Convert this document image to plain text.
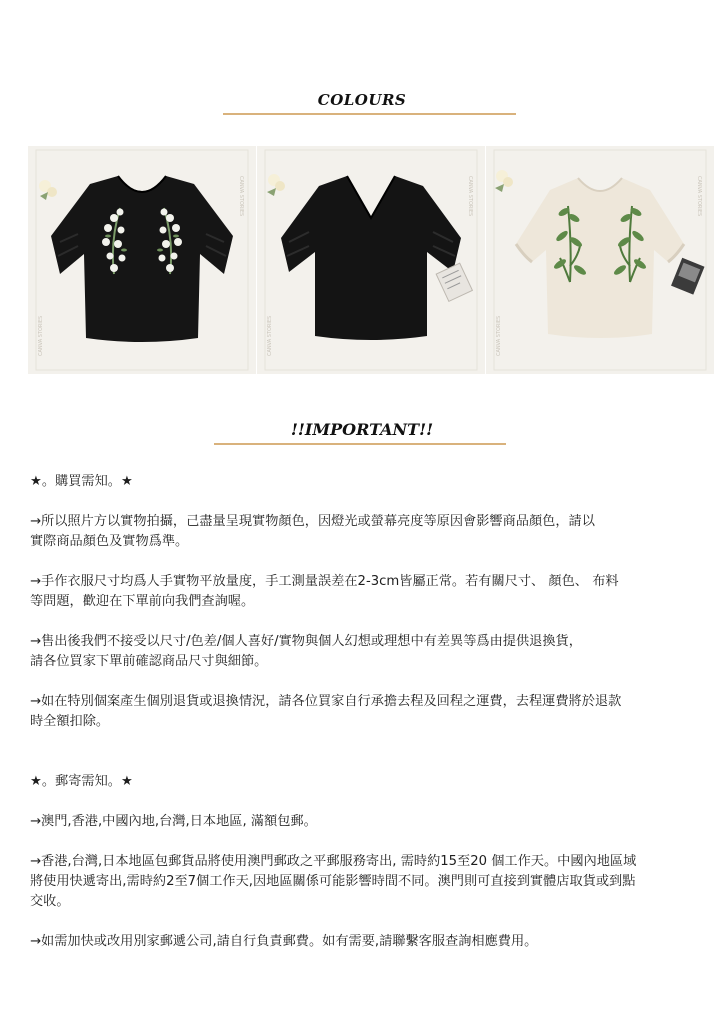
COLOURS
CANVA STORIES
CANVA STORIES
CANVA STORIES
CANVA STORIES
CANVA STORIES
CANVA STORIES
!!IMPORTANT!!

★。購買需知。★

→所以照片方以實物拍攝，己盡量呈現實物顏色，因燈光或螢幕亮度等原因會影響商品顏色，請以

實際商品顏色及實物爲準。

→手作衣服尺寸均爲人手實物平放量度，手工測量誤差在2-3cm皆屬正常。若有關尺寸、 顏色、 布料

等問題，歡迎在下單前向我們查詢喔。

→售出後我們不接受以尺寸/色差/個人喜好/實物與個人幻想或理想中有差異等爲由提供退換貨，

請各位買家下單前確認商品尺寸與細節。

→如在特別個案產生個別退貨或退換情況，請各位買家自行承擔去程及回程之運費，去程運費將於退款

時全額扣除。

★。郵寄需知。★

→澳門,香港,中國內地,台灣,日本地區, 滿額包郵。

→香港,台灣,日本地區包郵貨品將使用澳門郵政之平郵服務寄出, 需時約15至20 個工作天。中國內地區域

將使用快遞寄出,需時約2至7個工作天,因地區關係可能影響時間不同。澳門則可直接到實體店取貨或到點

交收。

→如需加快或改用別家郵遞公司,請自行負責郵費。如有需要,請聯繫客服查詢相應費用。
